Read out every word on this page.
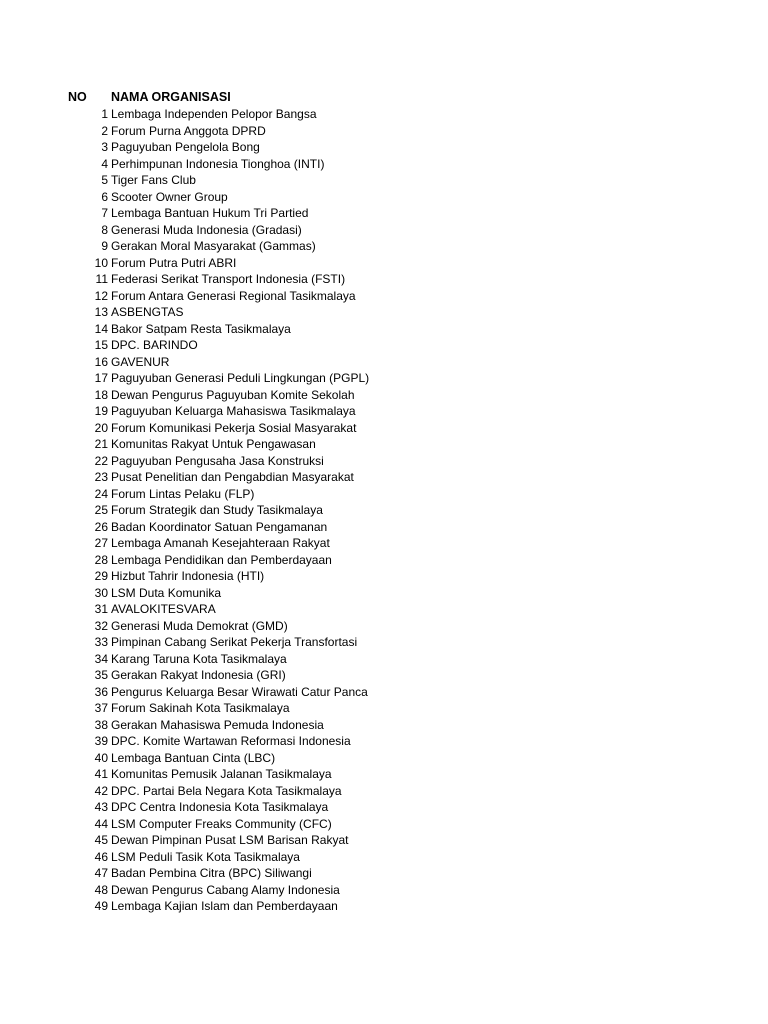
NO NAMA ORGANISASI
1 Lembaga Independen Pelopor Bangsa
2 Forum Purna Anggota DPRD
3 Paguyuban Pengelola Bong
4 Perhimpunan Indonesia Tionghoa (INTI)
5 Tiger Fans Club
6 Scooter Owner Group
7 Lembaga Bantuan Hukum Tri Partied
8 Generasi Muda Indonesia (Gradasi)
9 Gerakan Moral Masyarakat (Gammas)
10 Forum Putra Putri ABRI
11 Federasi Serikat Transport Indonesia (FSTI)
12 Forum Antara Generasi Regional Tasikmalaya
13 ASBENGTAS
14 Bakor Satpam Resta Tasikmalaya
15 DPC. BARINDO
16 GAVENUR
17 Paguyuban Generasi Peduli Lingkungan (PGPL)
18 Dewan Pengurus Paguyuban Komite Sekolah
19 Paguyuban Keluarga Mahasiswa Tasikmalaya
20 Forum Komunikasi Pekerja Sosial Masyarakat
21 Komunitas Rakyat Untuk Pengawasan
22 Paguyuban Pengusaha Jasa Konstruksi
23 Pusat Penelitian dan Pengabdian Masyarakat
24 Forum Lintas Pelaku (FLP)
25 Forum Strategik dan Study Tasikmalaya
26 Badan Koordinator Satuan Pengamanan
27 Lembaga Amanah Kesejahteraan Rakyat
28 Lembaga Pendidikan dan Pemberdayaan
29 Hizbut Tahrir Indonesia (HTI)
30 LSM Duta Komunika
31 AVALOKITESVARA
32 Generasi Muda Demokrat (GMD)
33 Pimpinan Cabang Serikat Pekerja Transfortasi
34 Karang Taruna Kota Tasikmalaya
35 Gerakan Rakyat Indonesia (GRI)
36 Pengurus Keluarga Besar Wirawati Catur Panca
37 Forum Sakinah Kota Tasikmalaya
38 Gerakan Mahasiswa Pemuda Indonesia
39 DPC. Komite Wartawan Reformasi Indonesia
40 Lembaga Bantuan Cinta (LBC)
41 Komunitas Pemusik Jalanan Tasikmalaya
42 DPC. Partai Bela Negara Kota Tasikmalaya
43 DPC Centra Indonesia Kota Tasikmalaya
44 LSM Computer Freaks Community (CFC)
45 Dewan Pimpinan Pusat LSM Barisan Rakyat
46 LSM Peduli Tasik Kota Tasikmalaya
47 Badan Pembina Citra (BPC) Siliwangi
48 Dewan Pengurus Cabang Alamy Indonesia
49 Lembaga Kajian Islam dan Pemberdayaan
